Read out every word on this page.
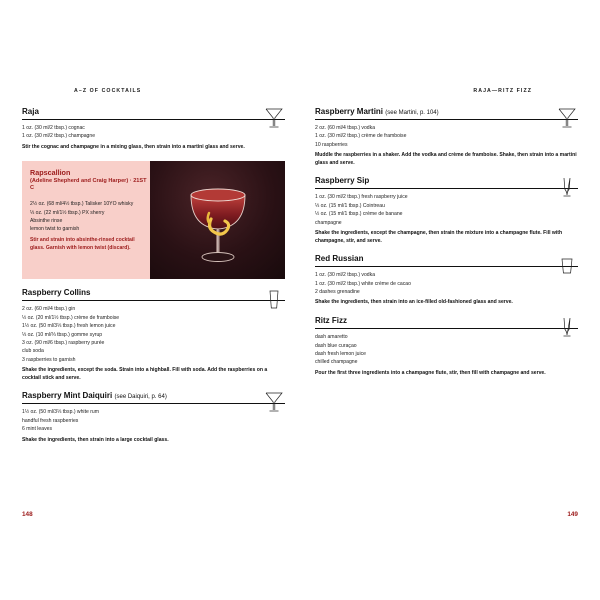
A–Z OF COCKTAILS
Raja
1 oz. (30 ml/2 tbsp.) cognac
1 oz. (30 ml/2 tbsp.) champagne
Stir the cognac and champagne in a mixing glass, then strain into a martini glass and serve.
Rapscallion
(Adeline Shepherd and Craig Harper) · 21ST C
2½ oz. (68 ml/4½ tbsp.) Talisker 10YO whisky
⅓ oz. (22 ml/1½ tbsp.) PX sherry
Absinthe rinse
lemon twist to garnish
Stir and strain into absinthe-rinsed cocktail glass. Garnish with lemon twist (discard).
Raspberry Collins
2 oz. (60 ml/4 tbsp.) gin
½ oz. (20 ml/1½ tbsp.) crème de framboise
1½ oz. (50 ml/3⅓ tbsp.) fresh lemon juice
⅓ oz. (10 ml/⅔ tbsp.) gomme syrup
3 oz. (90 ml/6 tbsp.) raspberry purée
club soda
3 raspberries to garnish
Shake the ingredients, except the soda. Strain into a highball. Fill with soda. Add the raspberries on a cocktail stick and serve.
Raspberry Mint Daiquiri (see Daiquiri, p. 64)
1½ oz. (50 ml/3⅓ tbsp.) white rum
handful fresh raspberries
6 mint leaves
Shake the ingredients, then strain into a large cocktail glass.
RAJA—RITZ FIZZ
Raspberry Martini (see Martini, p. 104)
2 oz. (60 ml/4 tbsp.) vodka
1 oz. (30 ml/2 tbsp.) crème de framboise
10 raspberries
Muddle the raspberries in a shaker. Add the vodka and crème de framboise. Shake, then strain into a martini glass and serve.
Raspberry Sip
1 oz. (30 ml/2 tbsp.) fresh raspberry juice
⅓ oz. (15 ml/1 tbsp.) Cointreau
½ oz. (15 ml/1 tbsp.) crème de banane
champagne
Shake the ingredients, except the champagne, then strain the mixture into a champagne flute. Fill with champagne, stir, and serve.
Red Russian
1 oz. (30 ml/2 tbsp.) vodka
1 oz. (30 ml/2 tbsp.) white crème de cacao
2 dashes grenadine
Shake the ingredients, then strain into an ice-filled old-fashioned glass and serve.
Ritz Fizz
dash amaretto
dash blue curaçao
dash fresh lemon juice
chilled champagne
Pour the first three ingredients into a champagne flute, stir, then fill with champagne and serve.
148	149
